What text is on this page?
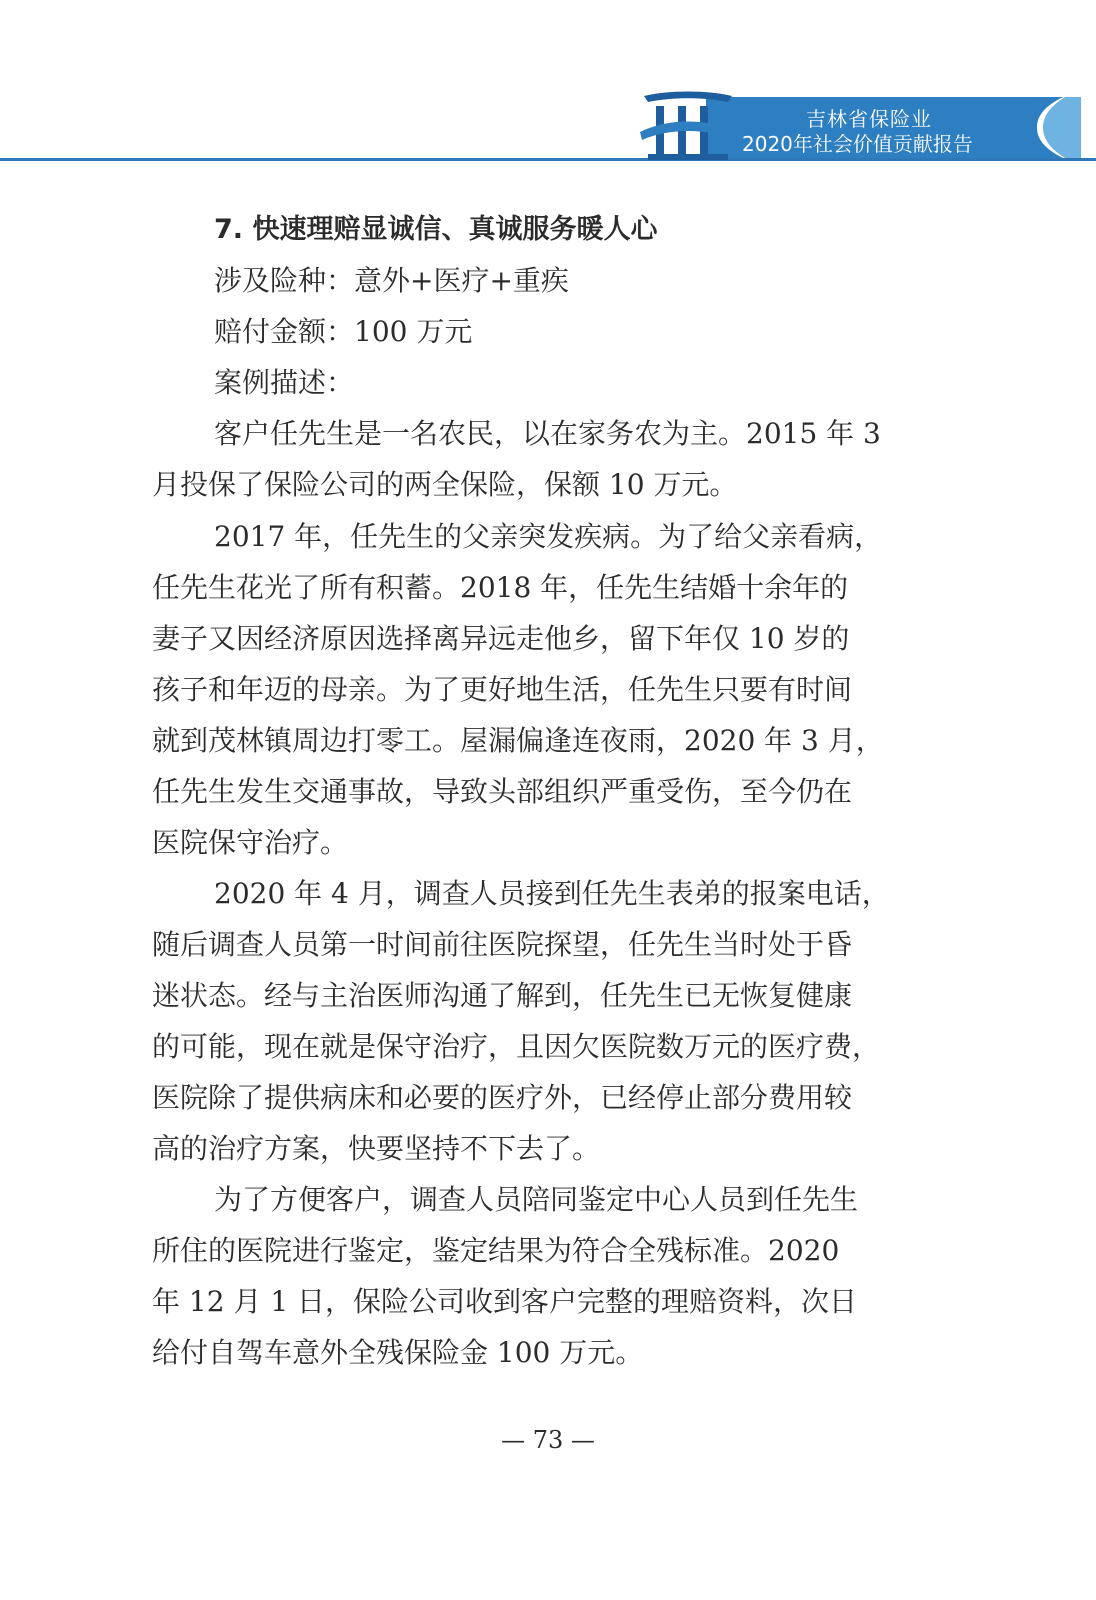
吉林省保险业
2020年社会价值贡献报告
7. 快速理赔显诚信、真诚服务暖人心
涉及险种：意外+医疗+重疾
赔付金额：100 万元
案例描述：
客户任先生是一名农民，以在家务农为主。2015 年 3
月投保了保险公司的两全保险，保额 10 万元。
2017 年，任先生的父亲突发疾病。为了给父亲看病，
任先生花光了所有积蓄。2018 年，任先生结婚十余年的
妻子又因经济原因选择离异远走他乡，留下年仅 10 岁的
孩子和年迈的母亲。为了更好地生活，任先生只要有时间
就到茂林镇周边打零工。屋漏偏逢连夜雨，2020 年 3 月，
任先生发生交通事故，导致头部组织严重受伤，至今仍在
医院保守治疗。
2020 年 4 月，调查人员接到任先生表弟的报案电话，
随后调查人员第一时间前往医院探望，任先生当时处于昏
迷状态。经与主治医师沟通了解到，任先生已无恢复健康
的可能，现在就是保守治疗，且因欠医院数万元的医疗费，
医院除了提供病床和必要的医疗外，已经停止部分费用较
高的治疗方案，快要坚持不下去了。
为了方便客户，调查人员陪同鉴定中心人员到任先生
所住的医院进行鉴定，鉴定结果为符合全残标准。2020
年 12 月 1 日，保险公司收到客户完整的理赔资料，次日
给付自驾车意外全残保险金 100 万元。
— 73 —
